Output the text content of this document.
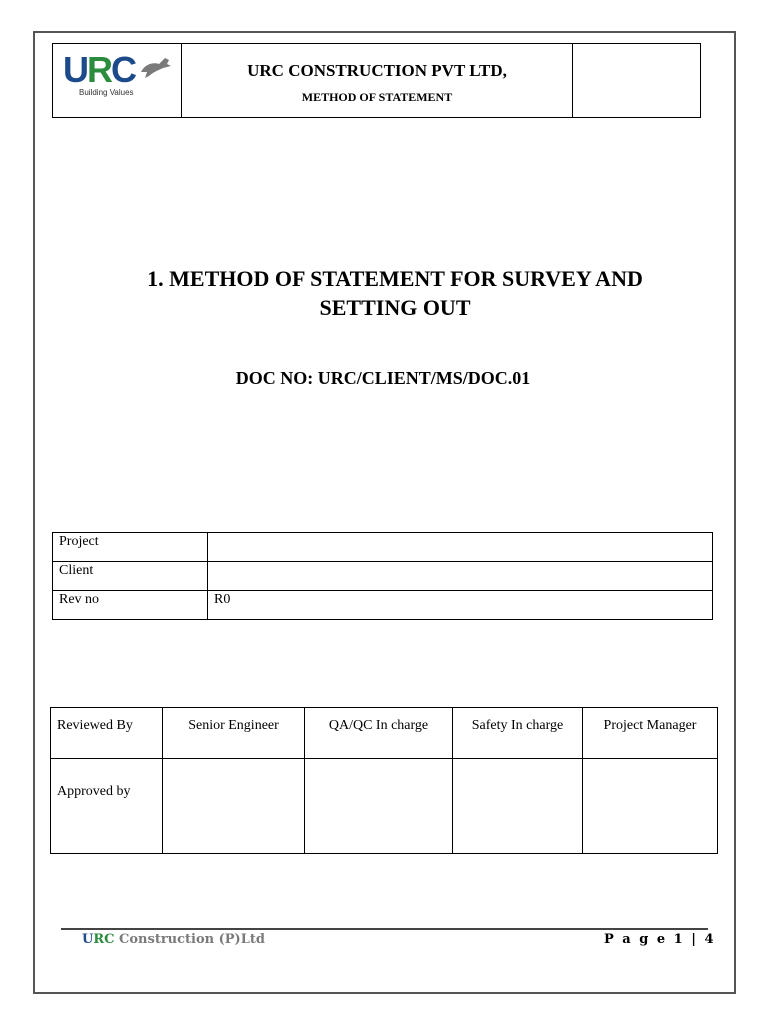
URC
Building Values
URC CONSTRUCTION PVT LTD,
METHOD OF STATEMENT
1. METHOD OF STATEMENT FOR SURVEY AND
SETTING OUT
DOC NO: URC/CLIENT/MS/DOC.01
Project	
Client	
Rev no	R0
Reviewed By	Senior Engineer	QA/QC In charge	Safety In charge	Project Manager
Approved by				
URC Construction (P)Ltd	P a g e 1 | 4
